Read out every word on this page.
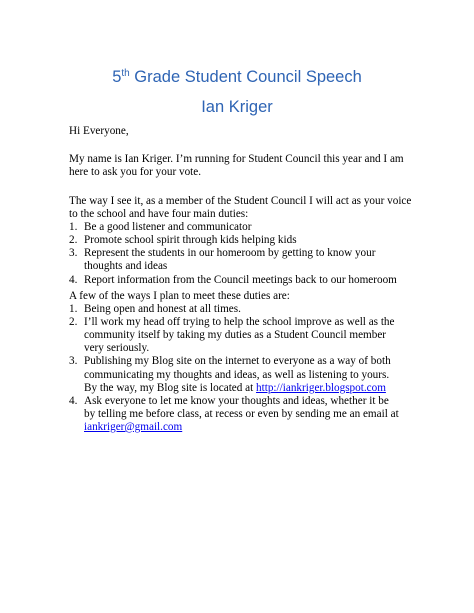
5th Grade Student Council Speech
Ian Kriger

Hi Everyone,

My name is Ian Kriger. I’m running for Student Council this year and I am

here to ask you for your vote.

The way I see it, as a member of the Student Council I will act as your voice

to the school and have four main duties:

1. Be a good listener and communicator
2. Promote school spirit through kids helping kids
3. Represent the students in our homeroom by getting to know your
thoughts and ideas
4. Report information from the Council meetings back to our homeroom

A few of the ways I plan to meet these duties are:

1. Being open and honest at all times.
2. I’ll work my head off trying to help the school improve as well as the
community itself by taking my duties as a Student Council member
very seriously.
3. Publishing my Blog site on the internet to everyone as a way of both
communicating my thoughts and ideas, as well as listening to yours.
By the way, my Blog site is located at http://iankriger.blogspot.com
4. Ask everyone to let me know your thoughts and ideas, whether it be
by telling me before class, at recess or even by sending me an email at
iankriger@gmail.com
